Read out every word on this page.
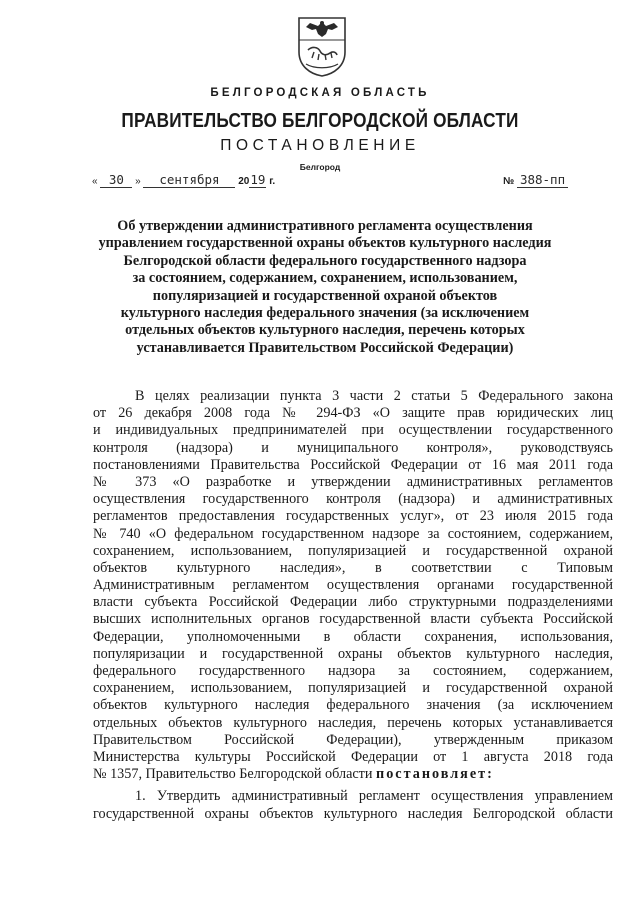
БЕЛГОРОДСКАЯ ОБЛАСТЬ
ПРАВИТЕЛЬСТВО БЕЛГОРОДСКОЙ ОБЛАСТИ
ПОСТАНОВЛЕНИЕ
Белгород
« 30 » сентября 2019 г.	№ 388-пп
Об утверждении административного регламента осуществления
управлением государственной охраны объектов культурного наследия
Белгородской области федерального государственного надзора
за состоянием, содержанием, сохранением, использованием,
популяризацией и государственной охраной объектов
культурного наследия федерального значения (за исключением
отдельных объектов культурного наследия, перечень которых
устанавливается Правительством Российской Федерации)
В целях реализации пункта 3 части 2 статьи 5 Федерального закона
от 26 декабря 2008 года № 294-ФЗ «О защите прав юридических лиц
и индивидуальных предпринимателей при осуществлении государственного
контроля (надзора) и муниципального контроля», руководствуясь
постановлениями Правительства Российской Федерации от 16 мая 2011 года
№ 373 «О разработке и утверждении административных регламентов
осуществления государственного контроля (надзора) и административных
регламентов предоставления государственных услуг», от 23 июля 2015 года
№ 740 «О федеральном государственном надзоре за состоянием, содержанием,
сохранением, использованием, популяризацией и государственной охраной
объектов культурного наследия», в соответствии с Типовым
Административным регламентом осуществления органами государственной
власти субъекта Российской Федерации либо структурными подразделениями
высших исполнительных органов государственной власти субъекта Российской
Федерации, уполномоченными в области сохранения, использования,
популяризации и государственной охраны объектов культурного наследия,
федерального государственного надзора за состоянием, содержанием,
сохранением, использованием, популяризацией и государственной охраной
объектов культурного наследия федерального значения (за исключением
отдельных объектов культурного наследия, перечень которых устанавливается
Правительством Российской Федерации), утвержденным приказом
Министерства культуры Российской Федерации от 1 августа 2018 года
№ 1357, Правительство Белгородской области постановляет:
1. Утвердить административный регламент осуществления управлением
государственной охраны объектов культурного наследия Белгородской области
